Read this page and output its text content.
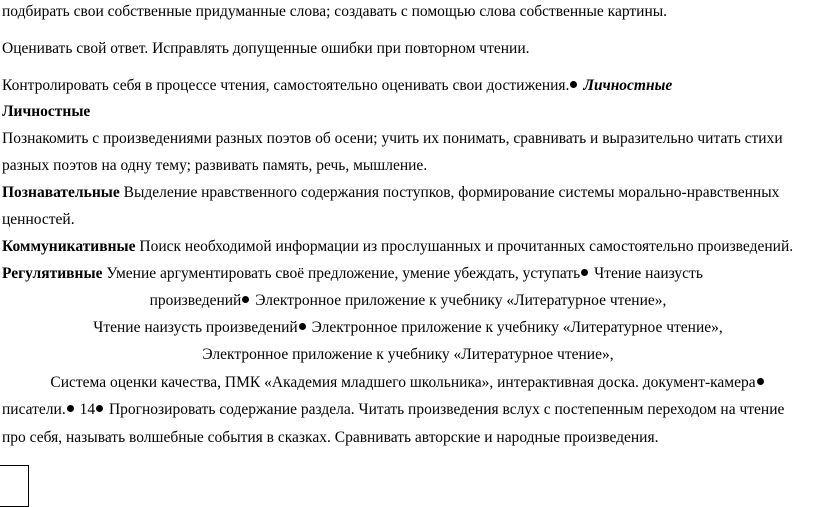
подбирать свои собственные придуманные слова; создавать с помощью слова собственные картины.
Оценивать свой ответ. Исправлять допущенные ошибки при повторном чтении.
Контролировать себя в процессе чтения, самостоятельно оценивать свои достижения. Личностные
Личностные
Познакомить с произведениями разных поэтов об осени; учить их понимать, сравнивать и выразительно читать стихи
разных поэтов на одну тему; развивать память, речь, мышление.
Познавательные Выделение нравственного содержания поступков, формирование системы морально-нравственных
ценностей.
Коммуникативные Поиск необходимой информации из прослушанных и прочитанных самостоятельно произведений.
Регулятивные Умение аргументировать своё предложение, умение убеждать, уступать Чтение наизусть
произведений Электронное приложение к учебнику «Литературное чтение»,
Чтение наизусть произведений Электронное приложение к учебнику «Литературное чтение»,
Электронное приложение к учебнику «Литературное чтение»,
Система оценки качества, ПМК «Академия младшего школьника», интерактивная доска. документ-камера
писатели. 14 Прогнозировать содержание раздела. Читать произведения вслух с постепенным переходом на чтение
про себя, называть волшебные события в сказках. Сравнивать авторские и народные произведения.
